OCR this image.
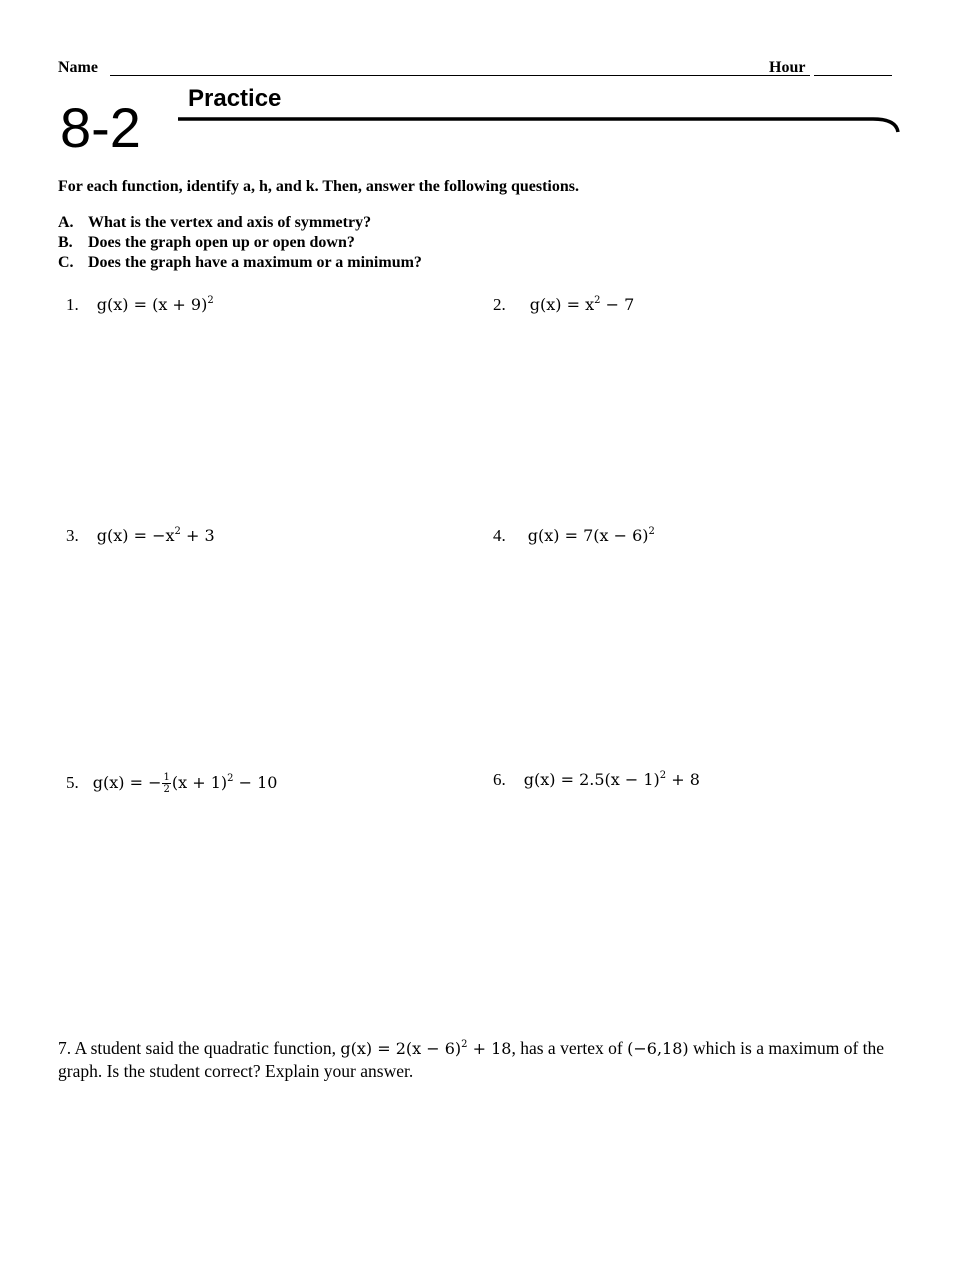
Name	Hour
8-2 Practice
For each function, identify a, h, and k. Then, answer the following questions.
A. What is the vertex and axis of symmetry?
B. Does the graph open up or open down?
C. Does the graph have a maximum or a minimum?
1. $g(x) = (x + 9)^2$	2. $g(x) = x^2 - 7$
3. $g(x) = -x^2 + 3$	4. $g(x) = 7(x - 6)^2$
5. g(x) = − $\frac{1}{2} (x + 1)^2 - 10$	6. $g(x) = 2.5(x - 1)^2 + 8$
7. A student said the quadratic function, $g(x) = 2(x - 6)^2 + 18$, has a vertex of (−6,18) which is a maximum of the graph. Is the student correct? Explain your answer.
